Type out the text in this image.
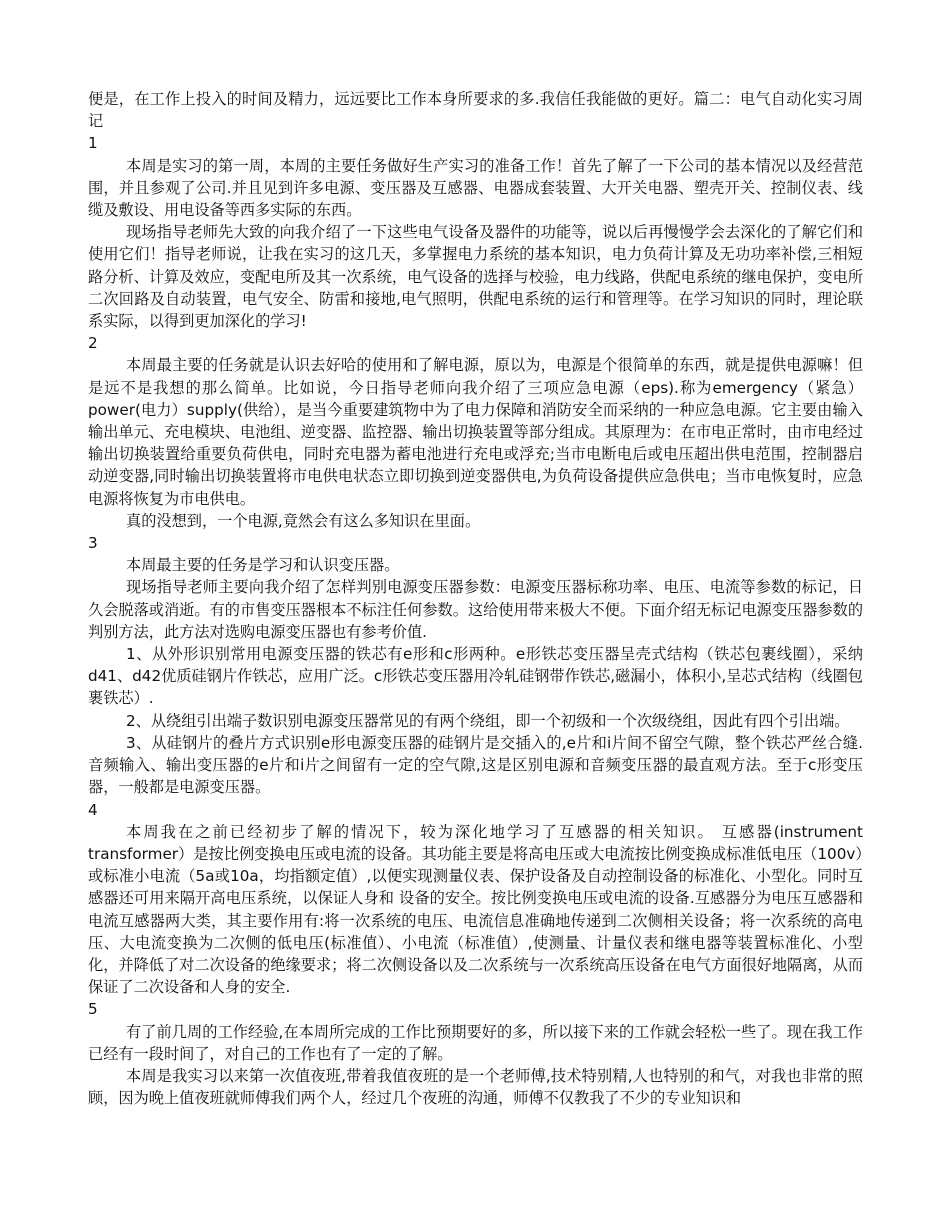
便是，在工作上投入的时间及精力，远远要比工作本身所要求的多.我信任我能做的更好。篇二：电气自动化实习周记

1

本周是实习的第一周，本周的主要任务做好生产实习的准备工作！首先了解了一下公司的基本情况以及经营范围，并且参观了公司.并且见到许多电源、变压器及互感器、电器成套装置、大开关电器、塑壳开关、控制仪表、线缆及敷设、用电设备等西多实际的东西。

现场指导老师先大致的向我介绍了一下这些电气设备及器件的功能等，说以后再慢慢学会去深化的了解它们和使用它们！指导老师说，让我在实习的这几天，多掌握电力系统的基本知识，电力负荷计算及无功功率补偿,三相短路分析、计算及效应，变配电所及其一次系统，电气设备的选择与校验，电力线路，供配电系统的继电保护，变电所二次回路及自动装置，电气安全、防雷和接地,电气照明，供配电系统的运行和管理等。在学习知识的同时，理论联系实际，以得到更加深化的学习!

2

本周最主要的任务就是认识去好哈的使用和了解电源，原以为，电源是个很简单的东西，就是提供电源嘛！但是远不是我想的那么简单。比如说，今日指导老师向我介绍了三项应急电源（eps).称为emergency（紧急）power(电力）supply(供给），是当今重要建筑物中为了电力保障和消防安全而采纳的一种应急电源。它主要由输入输出单元、充电模块、电池组、逆变器、监控器、输出切换装置等部分组成。其原理为：在市电正常时，由市电经过输出切换装置给重要负荷供电，同时充电器为蓄电池进行充电或浮充;当市电断电后或电压超出供电范围，控制器启动逆变器,同时输出切换装置将市电供电状态立即切换到逆变器供电,为负荷设备提供应急供电；当市电恢复时，应急电源将恢复为市电供电。

真的没想到，一个电源,竟然会有这么多知识在里面。

3

本周最主要的任务是学习和认识变压器。

现场指导老师主要向我介绍了怎样判别电源变压器参数：电源变压器标称功率、电压、电流等参数的标记，日久会脱落或消逝。有的市售变压器根本不标注任何参数。这给使用带来极大不便。下面介绍无标记电源变压器参数的判别方法，此方法对选购电源变压器也有参考价值.

1、从外形识别常用电源变压器的铁芯有e形和c形两种。e形铁芯变压器呈壳式结构（铁芯包裹线圈），采纳d41、d42优质硅钢片作铁芯，应用广泛。c形铁芯变压器用冷轧硅钢带作铁芯,磁漏小，体积小,呈芯式结构（线圈包裹铁芯）.

2、从绕组引出端子数识别电源变压器常见的有两个绕组，即一个初级和一个次级绕组，因此有四个引出端。

3、从硅钢片的叠片方式识别e形电源变压器的硅钢片是交插入的,e片和i片间不留空气隙，整个铁芯严丝合缝.音频输入、输出变压器的e片和i片之间留有一定的空气隙,这是区别电源和音频变压器的最直观方法。至于c形变压器，一般都是电源变压器。

4

本周我在之前已经初步了解的情况下，较为深化地学习了互感器的相关知识。 互感器(instrument transformer）是按比例变换电压或电流的设备。其功能主要是将高电压或大电流按比例变换成标准低电压（100v）或标准小电流（5a或10a，均指额定值）,以便实现测量仪表、保护设备及自动控制设备的标准化、小型化。同时互感器还可用来隔开高电压系统，以保证人身和 设备的安全。按比例变换电压或电流的设备.互感器分为电压互感器和电流互感器两大类，其主要作用有:将一次系统的电压、电流信息准确地传递到二次侧相关设备；将一次系统的高电压、大电流变换为二次侧的低电压(标准值）、小电流（标准值）,使测量、计量仪表和继电器等装置标准化、小型化，并降低了对二次设备的绝缘要求；将二次侧设备以及二次系统与一次系统高压设备在电气方面很好地隔离，从而保证了二次设备和人身的安全.

5

有了前几周的工作经验,在本周所完成的工作比预期要好的多，所以接下来的工作就会轻松一些了。现在我工作已经有一段时间了，对自己的工作也有了一定的了解。

本周是我实习以来第一次值夜班,带着我值夜班的是一个老师傅,技术特别精,人也特别的和气，对我也非常的照顾，因为晚上值夜班就师傅我们两个人，经过几个夜班的沟通，师傅不仅教我了不少的专业知识和
